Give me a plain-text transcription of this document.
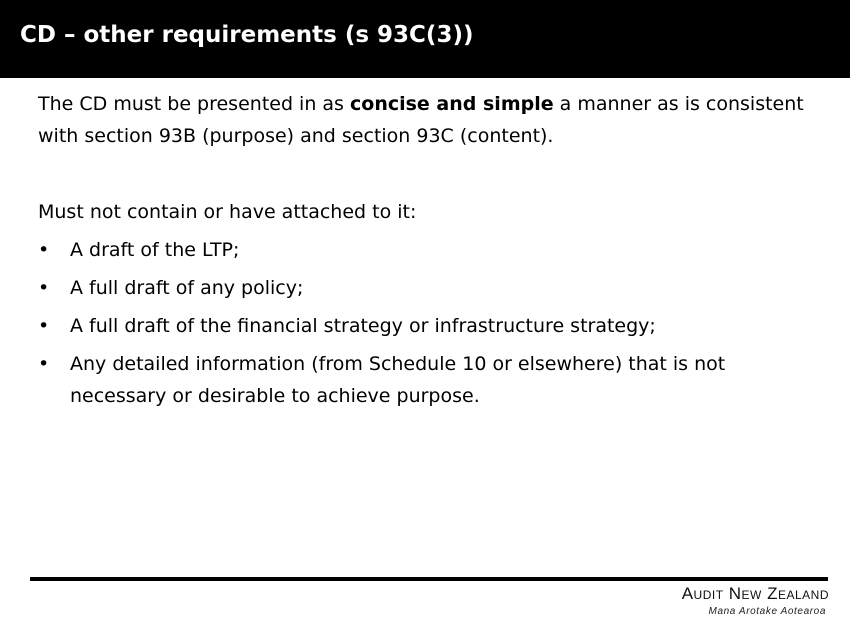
CD – other requirements (s 93C(3))

The CD must be presented in as concise and simple a manner as is consistent with section 93B (purpose) and section 93C (content).

Must not contain or have attached to it:

• A draft of the LTP;
• A full draft of any policy;
• A full draft of the financial strategy or infrastructure strategy;
• Any detailed information (from Schedule 10 or elsewhere) that is not necessary or desirable to achieve purpose.
Audit New Zealand
Mana Arotake Aotearoa
